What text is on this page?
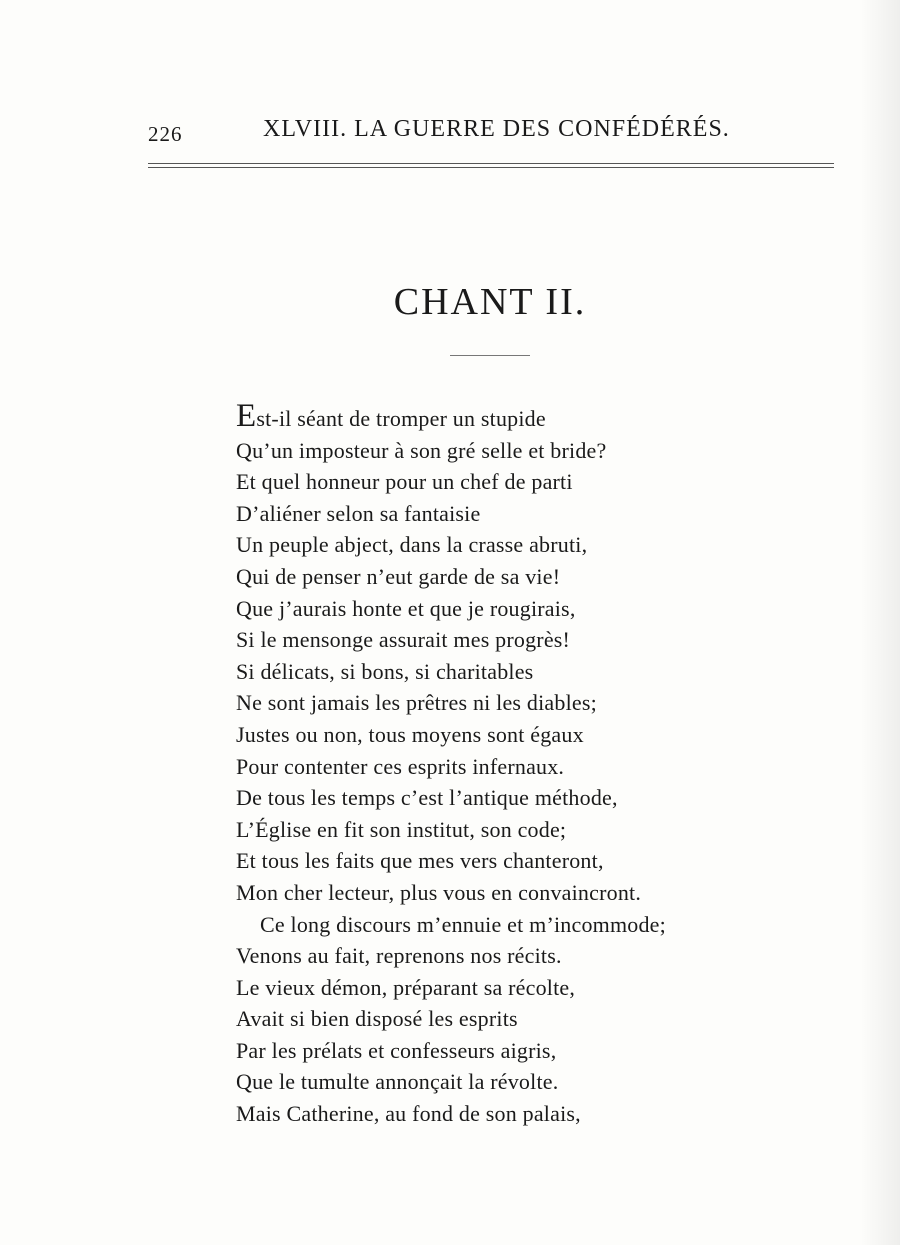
226	XLVIII. LA GUERRE DES CONFÉDÉRÉS.
CHANT II.
Est-il séant de tromper un stupide
Qu’un imposteur à son gré selle et bride?
Et quel honneur pour un chef de parti
D’aliéner selon sa fantaisie
Un peuple abject, dans la crasse abruti,
Qui de penser n’eut garde de sa vie!
Que j’aurais honte et que je rougirais,
Si le mensonge assurait mes progrès!
Si délicats, si bons, si charitables
Ne sont jamais les prêtres ni les diables;
Justes ou non, tous moyens sont égaux
Pour contenter ces esprits infernaux.
De tous les temps c’est l’antique méthode,
L’Église en fit son institut, son code;
Et tous les faits que mes vers chanteront,
Mon cher lecteur, plus vous en convaincront.
Ce long discours m’ennuie et m’incommode;
Venons au fait, reprenons nos récits.
Le vieux démon, préparant sa récolte,
Avait si bien disposé les esprits
Par les prélats et confesseurs aigris,
Que le tumulte annonçait la révolte.
Mais Catherine, au fond de son palais,
